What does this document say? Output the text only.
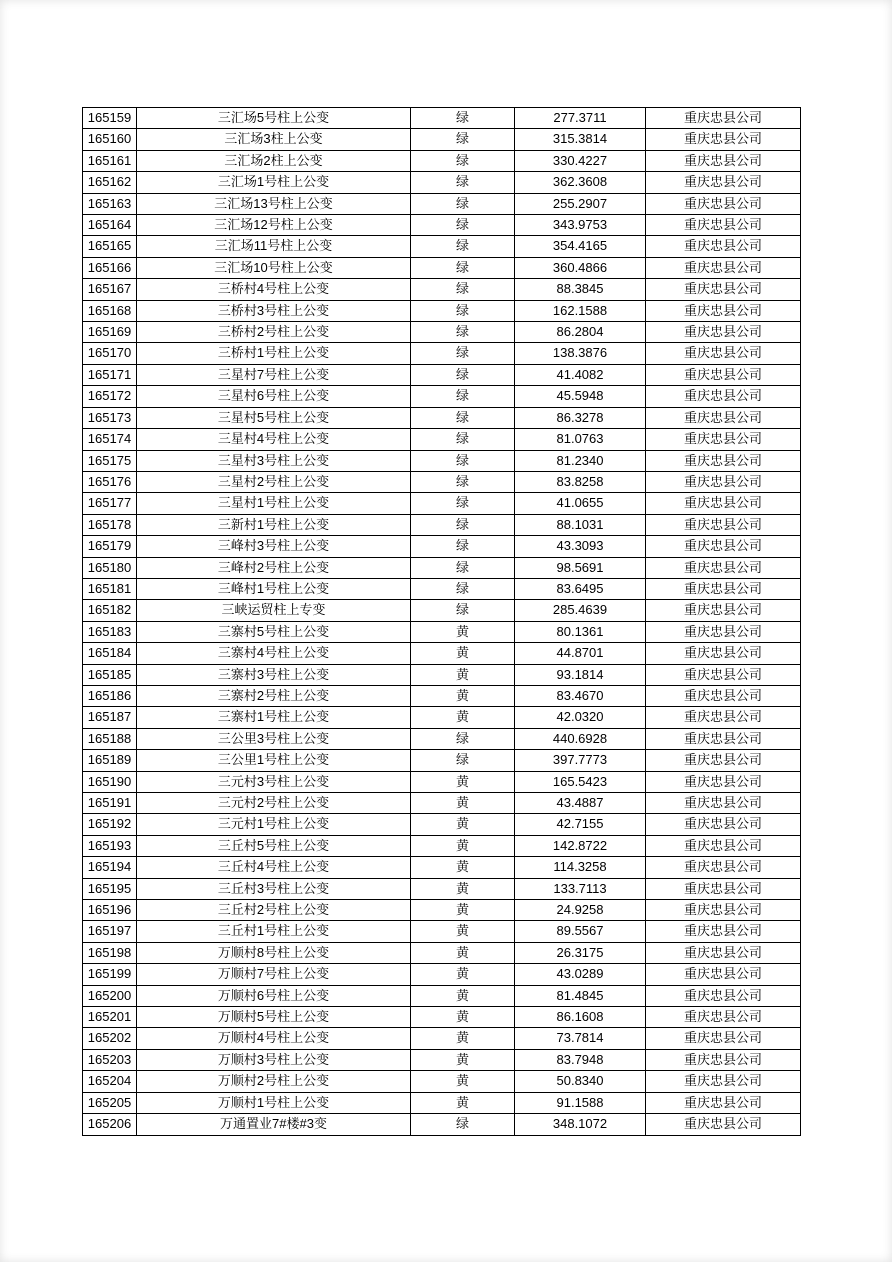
165159	三汇场5号柱上公变	绿	277.3711	重庆忠县公司
165160	三汇场3柱上公变	绿	315.3814	重庆忠县公司
165161	三汇场2柱上公变	绿	330.4227	重庆忠县公司
165162	三汇场1号柱上公变	绿	362.3608	重庆忠县公司
165163	三汇场13号柱上公变	绿	255.2907	重庆忠县公司
165164	三汇场12号柱上公变	绿	343.9753	重庆忠县公司
165165	三汇场11号柱上公变	绿	354.4165	重庆忠县公司
165166	三汇场10号柱上公变	绿	360.4866	重庆忠县公司
165167	三桥村4号柱上公变	绿	88.3845	重庆忠县公司
165168	三桥村3号柱上公变	绿	162.1588	重庆忠县公司
165169	三桥村2号柱上公变	绿	86.2804	重庆忠县公司
165170	三桥村1号柱上公变	绿	138.3876	重庆忠县公司
165171	三星村7号柱上公变	绿	41.4082	重庆忠县公司
165172	三星村6号柱上公变	绿	45.5948	重庆忠县公司
165173	三星村5号柱上公变	绿	86.3278	重庆忠县公司
165174	三星村4号柱上公变	绿	81.0763	重庆忠县公司
165175	三星村3号柱上公变	绿	81.2340	重庆忠县公司
165176	三星村2号柱上公变	绿	83.8258	重庆忠县公司
165177	三星村1号柱上公变	绿	41.0655	重庆忠县公司
165178	三新村1号柱上公变	绿	88.1031	重庆忠县公司
165179	三峰村3号柱上公变	绿	43.3093	重庆忠县公司
165180	三峰村2号柱上公变	绿	98.5691	重庆忠县公司
165181	三峰村1号柱上公变	绿	83.6495	重庆忠县公司
165182	三峡运贸柱上专变	绿	285.4639	重庆忠县公司
165183	三寨村5号柱上公变	黄	80.1361	重庆忠县公司
165184	三寨村4号柱上公变	黄	44.8701	重庆忠县公司
165185	三寨村3号柱上公变	黄	93.1814	重庆忠县公司
165186	三寨村2号柱上公变	黄	83.4670	重庆忠县公司
165187	三寨村1号柱上公变	黄	42.0320	重庆忠县公司
165188	三公里3号柱上公变	绿	440.6928	重庆忠县公司
165189	三公里1号柱上公变	绿	397.7773	重庆忠县公司
165190	三元村3号柱上公变	黄	165.5423	重庆忠县公司
165191	三元村2号柱上公变	黄	43.4887	重庆忠县公司
165192	三元村1号柱上公变	黄	42.7155	重庆忠县公司
165193	三丘村5号柱上公变	黄	142.8722	重庆忠县公司
165194	三丘村4号柱上公变	黄	114.3258	重庆忠县公司
165195	三丘村3号柱上公变	黄	133.7113	重庆忠县公司
165196	三丘村2号柱上公变	黄	24.9258	重庆忠县公司
165197	三丘村1号柱上公变	黄	89.5567	重庆忠县公司
165198	万顺村8号柱上公变	黄	26.3175	重庆忠县公司
165199	万顺村7号柱上公变	黄	43.0289	重庆忠县公司
165200	万顺村6号柱上公变	黄	81.4845	重庆忠县公司
165201	万顺村5号柱上公变	黄	86.1608	重庆忠县公司
165202	万顺村4号柱上公变	黄	73.7814	重庆忠县公司
165203	万顺村3号柱上公变	黄	83.7948	重庆忠县公司
165204	万顺村2号柱上公变	黄	50.8340	重庆忠县公司
165205	万顺村1号柱上公变	黄	91.1588	重庆忠县公司
165206	万通置业7#楼#3变	绿	348.1072	重庆忠县公司
